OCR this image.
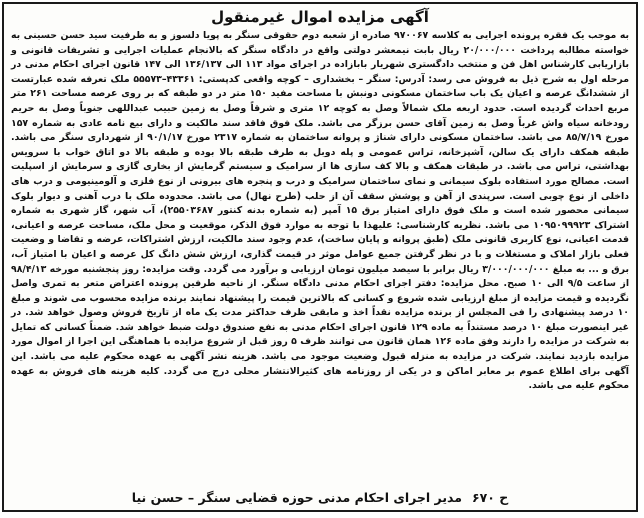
آگهی مزایده اموال غیرمنقول
به موجب یک فقره پرونده اجرایی به کلاسه ۹۷۰۰۶۷ صادره از شعبه دوم حقوقی سنگر به پویا دلسوز و به طرفیت سید حسن حسینی به خواسته مطالبه پرداخت ۲۰/۰۰۰/۰۰۰ ریال بابت نیمعشر دولتی واقع در دادگاه سنگر که بالانجام عملیات اجرایی و تشریفات قانونی و بازاریابی کارشناس اهل فن و منتخب دادگستری شهریار بابازاده در اجرای مواد ۱۱۳ الی ۱۳۶/۱۳۷ الی ۱۴۷ قانون اجرای احکام مدنی در مرحله اول به شرح ذیل به فروش می رسد: آدرس: سنگر – بخشداری – کوچه واقعی کدپستی: ۴۳۳۶۱–۵۵۵۷۳ ملک تعرفه شده عبارتست از ششدانگ عرصه و اعیان یک باب ساختمان مسکونی دونبش با مساحت مفید ۱۵۰ متر در دو طبقه که بر روی عرصه مساحت ۲۶۱ متر مربع احداث گردیده است. حدود اربعه ملک شمالاً وصل به کوچه ۱۲ متری و شرقاً وصل به زمین حبیب عبداللهی جنوباً وصل به حریم رودخانه سیاه واش غرباً وصل به زمین آقای حسن برزگر می باشد. ملک فوق فاقد سند مالکیت و دارای بیع نامه عادی به شماره ۱۵۷ مورخ ۸۵/۷/۱۹ می باشد. ساختمان مسکونی دارای شناژ و پروانه ساختمان به شماره ۲۳۱۷ مورخ ۹۰/۱/۱۷ از شهرداری سنگر می باشد. طبقه همکف دارای یک سالن، آشپزخانه، تراس عمومی و پله دوبل به طرف طبقه بالا بوده و طبقه بالا دو اتاق خواب با سرویس بهداشتی، تراس می باشد. در طبقات همکف و بالا کف سازی ها از سرامیک و سیستم گرمایش از بخاری گازی و سرمایش از اسپلیت است. مصالح مورد استفاده بلوک سیمانی و نمای ساختمان سرامیک و درب و پنجره های بیرونی از نوع فلزی و آلومینیومی و درب های داخلی از نوع چوبی است. سرپندی از آهن و پوشش سقف آن از حلب (طرح نهال) می باشد. محدوده ملک با درب آهنی و دیوار بلوک سیمانی محصور شده است و ملک فوق دارای امتیاز برق ۱۵ آمپر (به شماره بدنه کنتور ۲۵۵۰۳۶۸۷)، آب شهر، گاز شهری به شماره اشتراک ۱۰۹۵۰۹۹۹۲۳ می باشد. نظریه کارشناسی: علیهذا با توجه به موارد فوق الذکر، موقعیت و محل ملک، مساحت عرصه و اعیانی، قدمت اعیانی، نوع کاربری قانونی ملک (طبق پروانه و پایان ساخت)، عدم وجود سند مالکیت، ارزش اشتراکات، عرضه و تقاضا و وضعیت فعلی بازار املاک و مستغلات و با در نظر گرفتن جمیع عوامل موثر در قیمت گذاری، ارزش شش دانگ کل عرصه و اعیان با امتیاز آب، برق و ... به مبلغ ۳/۰۰۰/۰۰۰/۰۰۰ ریال برابر با سیصد میلیون تومان ارزیابی و برآورد می گردد. وقت مزایده: روز پنجشنبه مورخه ۹۸/۴/۱۳ از ساعت ۹/۵ الی ۱۰ صبح. محل مزایده: دفتر اجرای احکام مدنی دادگاه سنگر. از ناحیه طرفین پرونده اعتراض متعر به تمری واصل نگردیده و قیمت مزایده از مبلغ ارزیابی شده شروع و کسانی که بالاترین قیمت را پیشنهاد نمایند برنده مزایده محسوب می شوند و مبلغ ۱۰ درصد پیشنهادی را فی المجلس از برنده مزایده نقداً اخذ و مابقی ظرف حداکثر مدت یک ماه از تاریخ فروش وصول خواهد شد. در غیر اینصورت مبلغ ۱۰ درصد مستنداً به ماده ۱۲۹ قانون اجرای احکام مدنی به نفع صندوق دولت ضبط خواهد شد. ضمناً کسانی که تمایل به شرکت در مزایده را دارند وفق ماده ۱۲۶ همان قانون می توانند ظرف ۵ روز قبل از شروع مزایده با هماهنگی این اجرا از اموال مورد مزایده بازدید نمایند. شرکت در مزایده به منزله قبول وضعیت موجود می باشد. هزینه نشر آگهی به عهده محکوم علیه می باشد. این آگهی برای اطلاع عموم بر معابر اماکن و در یکی از روزنامه های کثیرالانتشار محلی درج می گردد. کلیه هزینه های فروش به عهده محکوم علیه می باشد.
ح ۶۷۰
مدیر اجرای احکام مدنی حوزه قضایی سنگر – حسن نیا
